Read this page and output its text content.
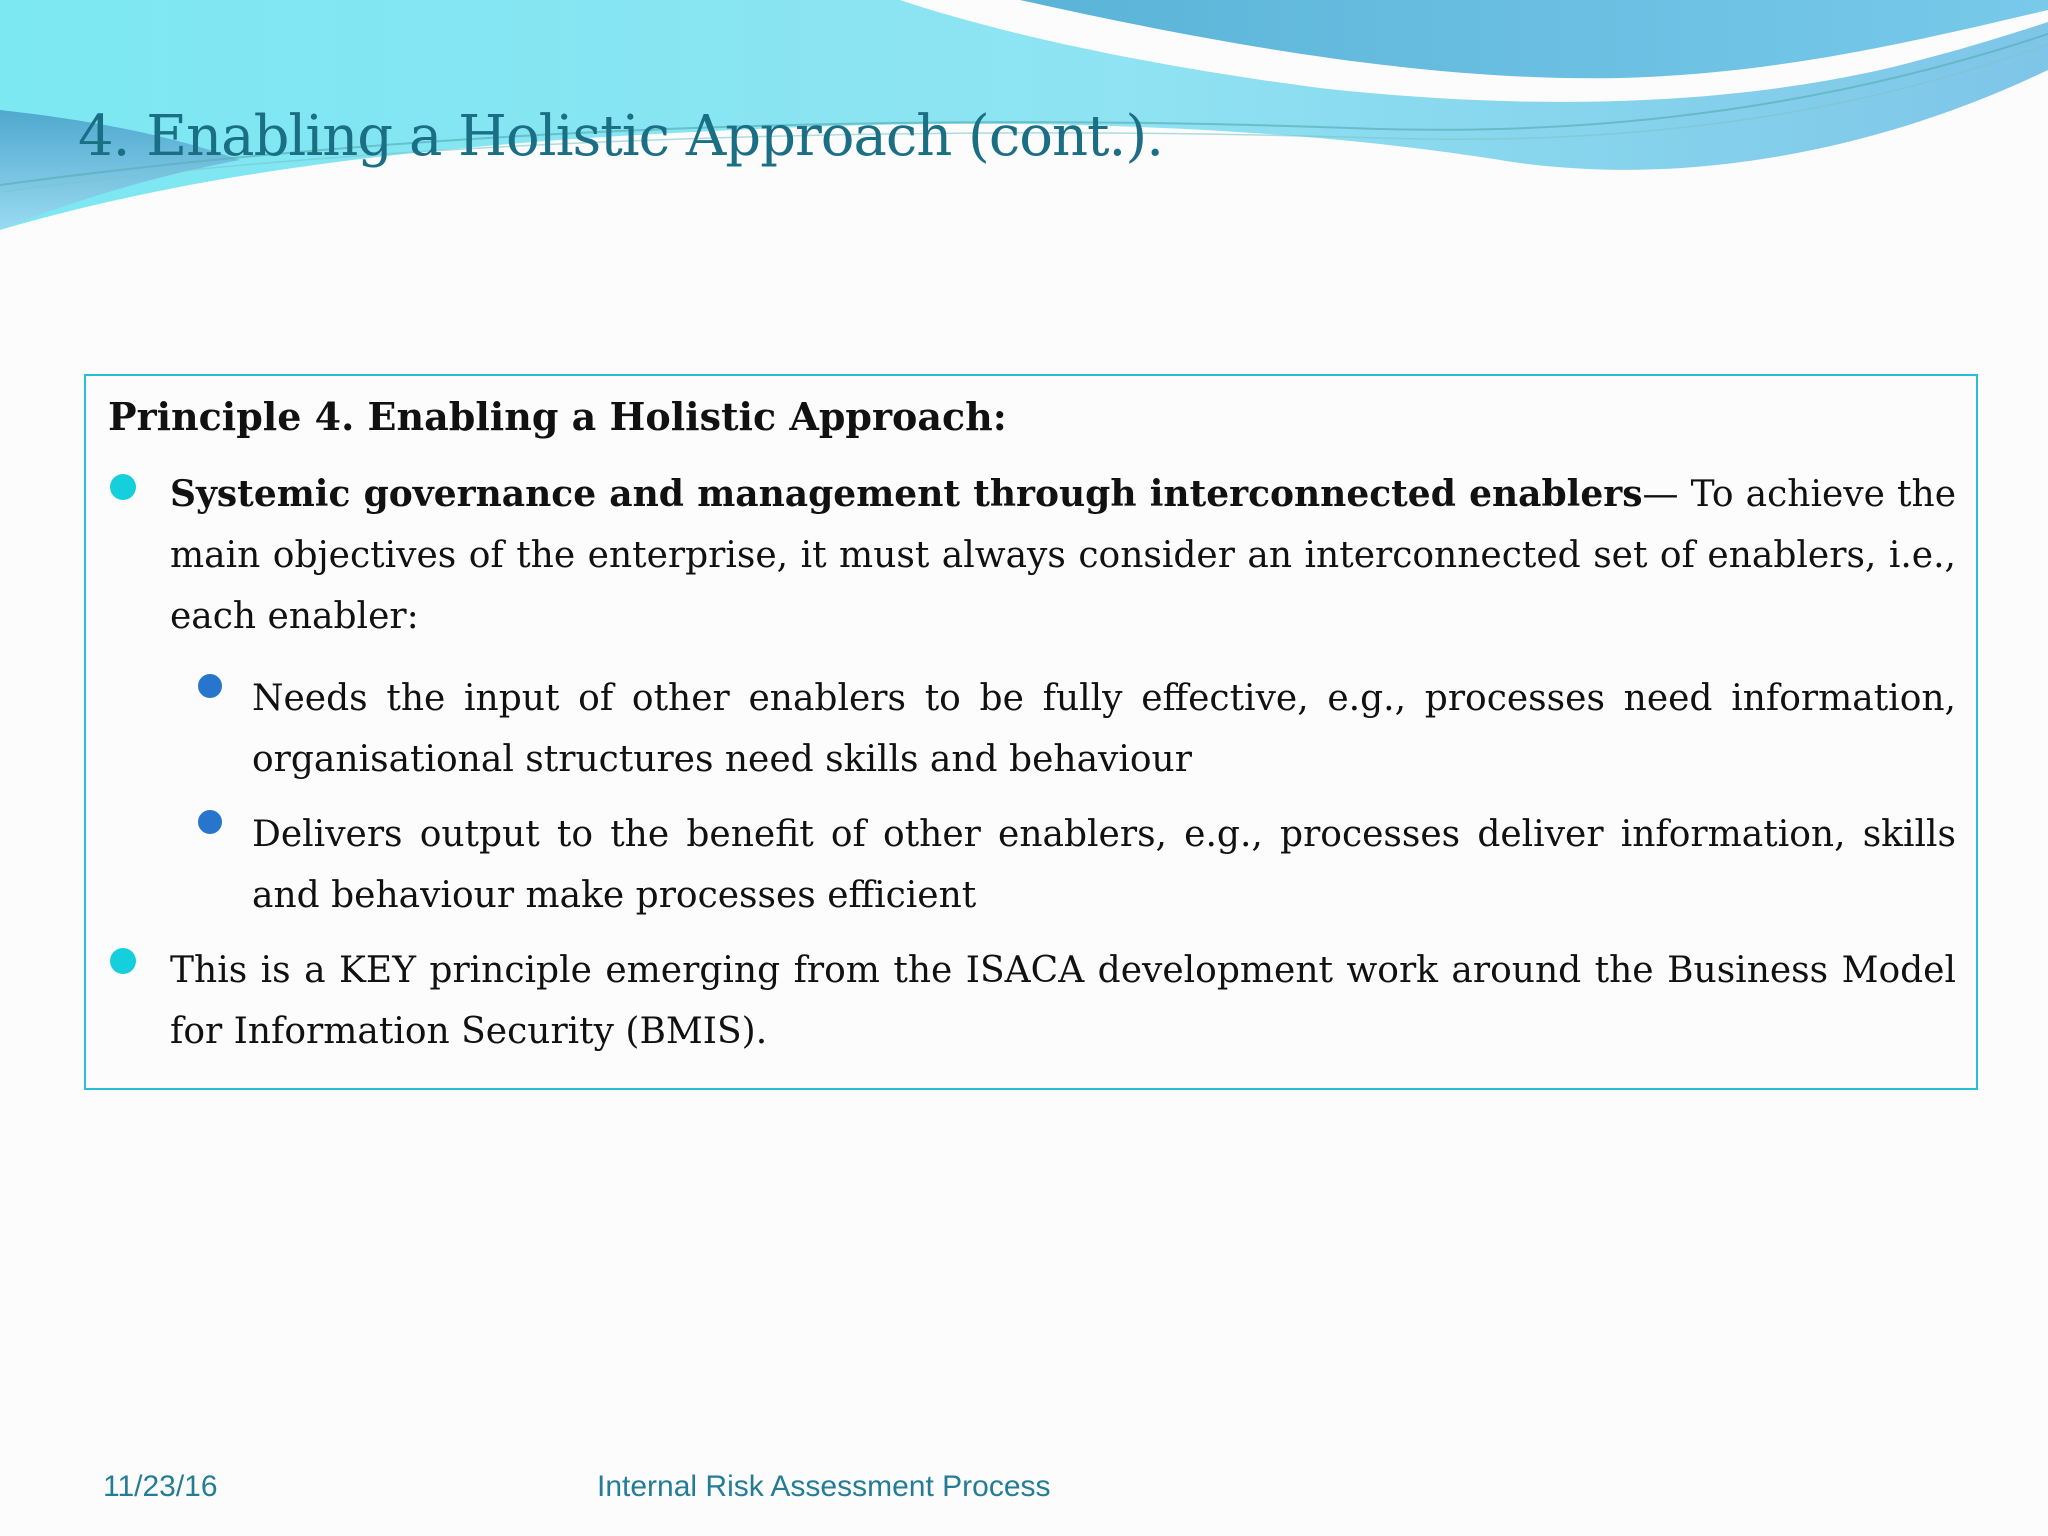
4. Enabling a Holistic Approach (cont.).
Principle 4. Enabling a Holistic Approach:
Systemic governance and management through interconnected enablers— To achieve the main objectives of the enterprise, it must always consider an interconnected set of enablers, i.e., each enabler:
Needs the input of other enablers to be fully effective, e.g., processes need information, organisational structures need skills and behaviour
Delivers output to the benefit of other enablers, e.g., processes deliver information, skills and behaviour make processes efficient
This is a KEY principle emerging from the ISACA development work around the Business Model for Information Security (BMIS).
11/23/16	Internal Risk Assessment Process
